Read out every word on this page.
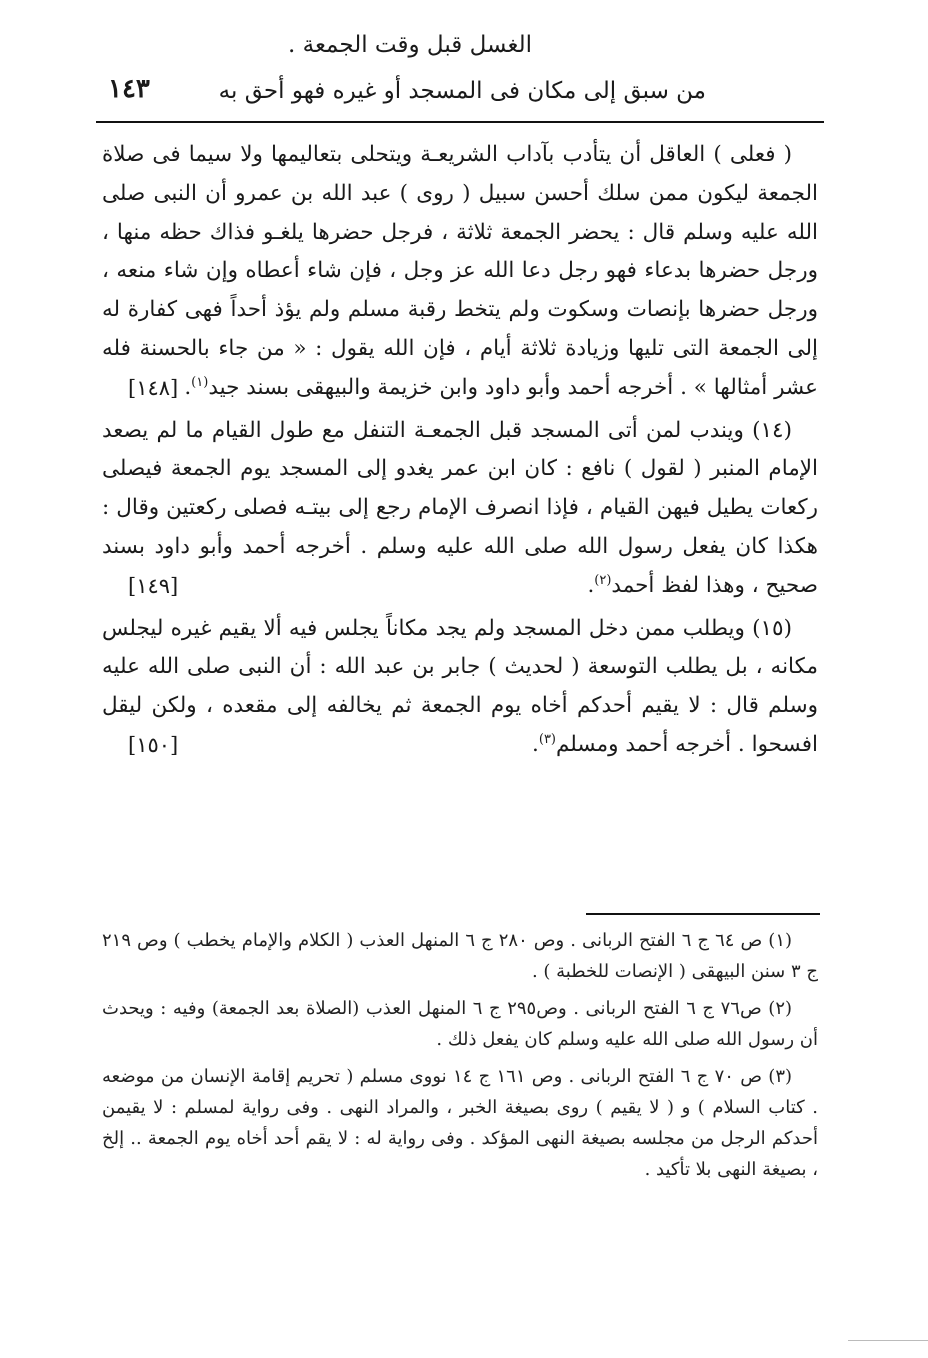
الغسل قبل وقت الجمعة .
من سبق إلى مكان فى المسجد أو غيره فهو أحق به
١٤٣

( فعلى ) العاقل أن يتأدب بآداب الشريعـة ويتحلى بتعاليمها ولا سيما فى صلاة الجمعة ليكون ممن سلك أحسن سبيل ( روى ) عبد الله بن عمرو أن النبى صلى الله عليه وسلم قال : يحضر الجمعة ثلاثة ، فرجل حضرها يلغـو فذاك حظه منها ، ورجل حضرها بدعاء فهو رجل دعا الله عز وجل ، فإن شاء أعطاه وإن شاء منعه ، ورجل حضرها بإنصات وسكوت ولم يتخط رقبة مسلم ولم يؤذ أحداً فهى كفارة له إلى الجمعة التى تليها وزيادة ثلاثة أيام ، فإن الله يقول : « من جاء بالحسنة فله عشر أمثالها » . أخرجه أحمد وأبو داود وابن خزيمة والبيهقى بسند جيد$^{(١)}$.
[١٤٨]

(١٤) ويندب لمن أتى المسجد قبل الجمعـة التنفل مع طول القيام ما لم يصعد الإمام المنبر ( لقول ) نافع : كان ابن عمر يغدو إلى المسجد يوم الجمعة فيصلى ركعات يطيل فيهن القيام ، فإذا انصرف الإمام رجع إلى بيتـه فصلى ركعتين وقال : هكذا كان يفعل رسول الله صلى الله عليه وسلم . أخرجه أحمد وأبو داود بسند صحيح ، وهذا لفظ أحمد$^{(٢)}$.
[١٤٩]

(١٥) ويطلب ممن دخل المسجد ولم يجد مكاناً يجلس فيه ألا يقيم غيره ليجلس مكانه ، بل يطلب التوسعة ( لحديث ) جابر بن عبد الله : أن النبى صلى الله عليه وسلم قال : لا يقيم أحدكم أخاه يوم الجمعة ثم يخالفه إلى مقعده ، ولكن ليقل افسحوا . أخرجه أحمد ومسلم$^{(٣)}$.
[١٥٠]

(١) ص ٦٤ ج ٦ الفتح الربانى . وص ٢٨٠ ج ٦ المنهل العذب ( الكلام والإمام يخطب ) وص ٢١٩ ج ٣ سنن البيهقى ( الإنصات للخطبة ) .

(٢) ص٧٦ ج ٦ الفتح الربانى . وص٢٩٥ ج ٦ المنهل العذب (الصلاة بعد الجمعة) وفيه : ويحدث أن رسول الله صلى الله عليه وسلم كان يفعل ذلك .

(٣) ص ٧٠ ج ٦ الفتح الربانى . وص ١٦١ ج ١٤ نووى مسلم ( تحريم إقامة الإنسان من موضعه . كتاب السلام ) و ( لا يقيم ) روى بصيغة الخبر ، والمراد النهى . وفى رواية لمسلم : لا يقيمن أحدكم الرجل من مجلسه بصيغة النهى المؤكد . وفى رواية له : لا يقم أحد أخاه يوم الجمعة .. إلخ ، بصيغة النهى بلا تأكيد .
